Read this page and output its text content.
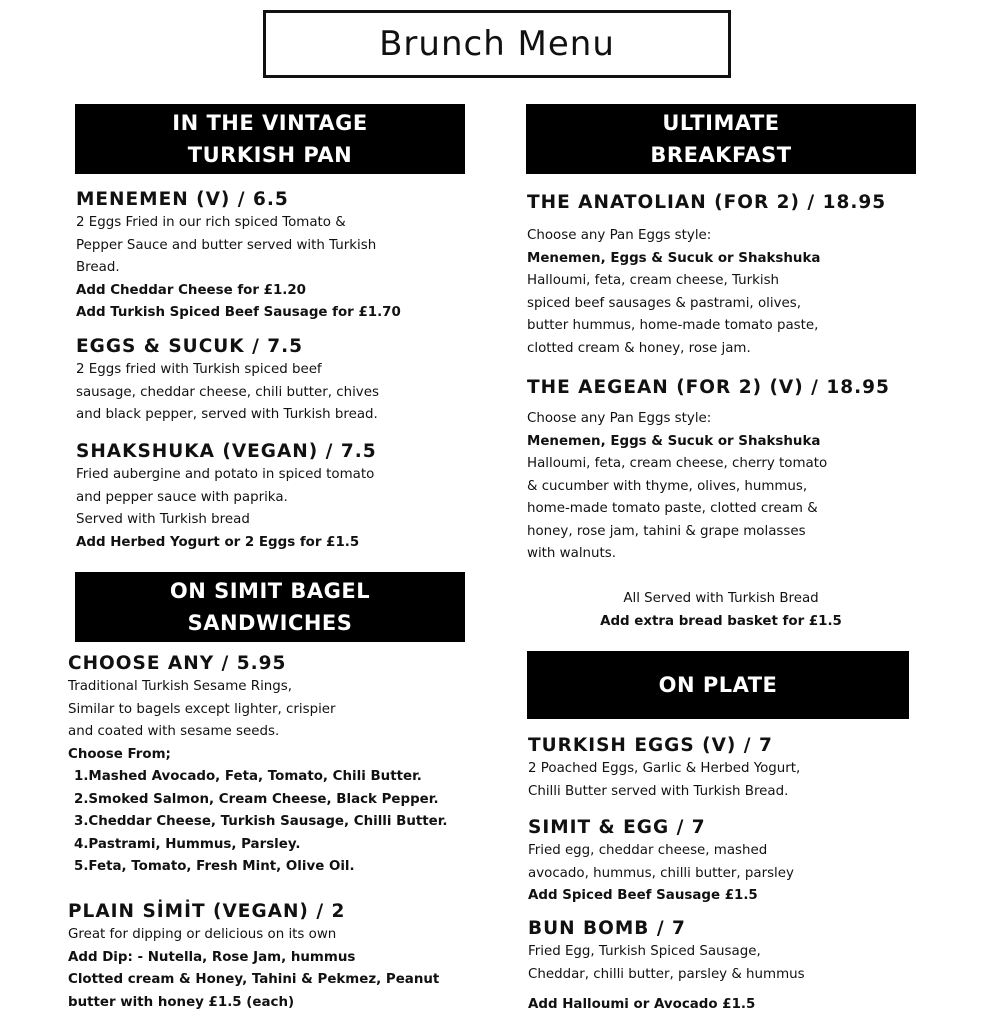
Brunch Menu
IN THE VINTAGE
TURKISH PAN
MENEMEN (V) / 6.5
2 Eggs Fried in our rich spiced Tomato &
Pepper Sauce and butter served with Turkish
Bread.
Add Cheddar Cheese for £1.20
Add Turkish Spiced Beef Sausage for £1.70
EGGS & SUCUK / 7.5
2 Eggs fried with Turkish spiced beef
sausage, cheddar cheese, chili butter, chives
and black pepper, served with Turkish bread.
SHAKSHUKA (VEGAN) / 7.5
Fried aubergine and potato in spiced tomato
and pepper sauce with paprika.
Served with Turkish bread
Add Herbed Yogurt or 2 Eggs for £1.5
ON SIMIT BAGEL
SANDWICHES
CHOOSE ANY / 5.95
Traditional Turkish Sesame Rings,
Similar to bagels except lighter, crispier
and coated with sesame seeds.
Choose From;
1.Mashed Avocado, Feta, Tomato, Chili Butter.
2.Smoked Salmon, Cream Cheese, Black Pepper.
3.Cheddar Cheese, Turkish Sausage, Chilli Butter.
4.Pastrami, Hummus, Parsley.
5.Feta, Tomato, Fresh Mint, Olive Oil.
PLAIN SİMİT (VEGAN) / 2
Great for dipping or delicious on its own
Add Dip: - Nutella, Rose Jam, hummus
Clotted cream & Honey, Tahini & Pekmez, Peanut
butter with honey £1.5 (each)
ULTIMATE
BREAKFAST
THE ANATOLIAN (FOR 2) / 18.95
Choose any Pan Eggs style:
Menemen, Eggs & Sucuk or Shakshuka
Halloumi, feta, cream cheese, Turkish
spiced beef sausages & pastrami, olives,
butter hummus, home-made tomato paste,
clotted cream & honey, rose jam.
THE AEGEAN (FOR 2) (V) / 18.95
Choose any Pan Eggs style:
Menemen, Eggs & Sucuk or Shakshuka
Halloumi, feta, cream cheese, cherry tomato
& cucumber with thyme, olives, hummus,
home-made tomato paste, clotted cream &
honey, rose jam, tahini & grape molasses
with walnuts.
All Served with Turkish Bread
Add extra bread basket for £1.5
ON PLATE
TURKISH EGGS (V) / 7
2 Poached Eggs, Garlic & Herbed Yogurt,
Chilli Butter served with Turkish Bread.
SIMIT & EGG / 7
Fried egg, cheddar cheese, mashed
avocado, hummus, chilli butter, parsley
Add Spiced Beef Sausage £1.5
BUN BOMB / 7
Fried Egg, Turkish Spiced Sausage,
Cheddar, chilli butter, parsley & hummus
Add Halloumi or Avocado £1.5
